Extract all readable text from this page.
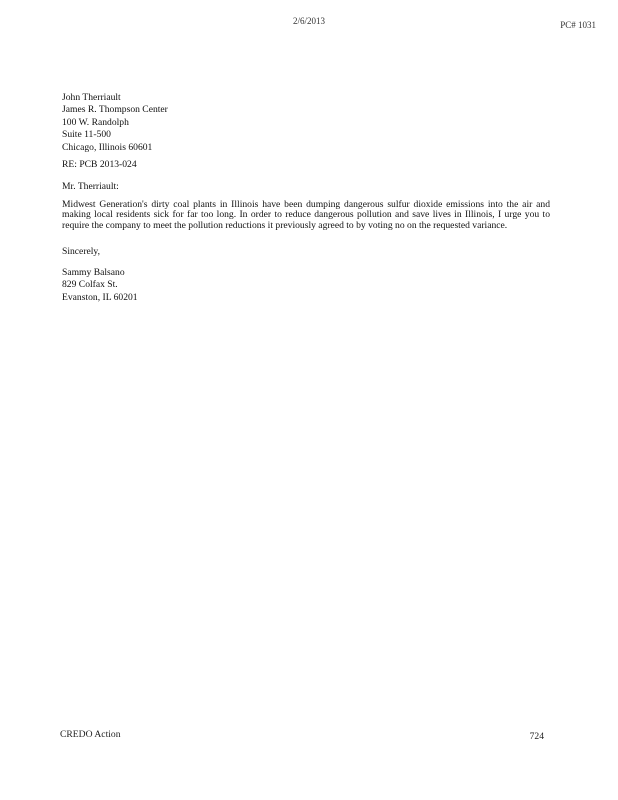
2/6/2013	PC# 1031
John Therriault
James R. Thompson Center
100 W. Randolph
Suite 11-500
Chicago, Illinois 60601
RE: PCB 2013-024
Mr. Therriault:
Midwest Generation's dirty coal plants in Illinois have been dumping dangerous sulfur dioxide emissions into the air and making local residents sick for far too long. In order to reduce dangerous pollution and save lives in Illinois, I urge you to require the company to meet the pollution reductions it previously agreed to by voting no on the requested variance.
Sincerely,
Sammy Balsano
829 Colfax St.
Evanston, IL 60201
CREDO Action	724
